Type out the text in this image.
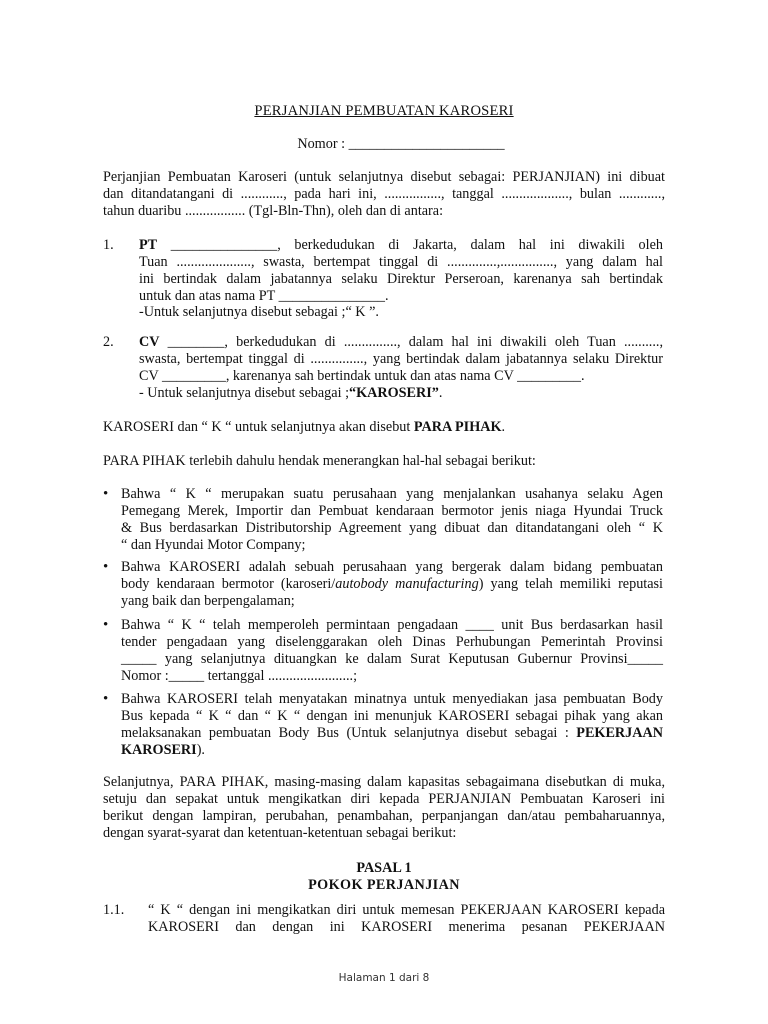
PERJANJIAN PEMBUATAN KAROSERI
Nomor : ______________________
Perjanjian Pembuatan Karoseri (untuk selanjutnya disebut sebagai: PERJANJIAN) ini dibuat
dan ditandatangani di ............, pada hari ini, ................, tanggal ..................., bulan ............,
tahun duaribu ................. (Tgl-Bln-Thn), oleh dan di antara:
1.	PT _______________, berkedudukan di Jakarta, dalam hal ini diwakili oleh
Tuan ....................., swasta, bertempat tinggal di ..............,..............., yang dalam hal
ini bertindak dalam jabatannya selaku Direktur Perseroan, karenanya sah bertindak
untuk dan atas nama PT _______________.
-Untuk selanjutnya disebut sebagai ;“ K ”.
2.	CV ________, berkedudukan di ..............., dalam hal ini diwakili oleh Tuan ..........,
swasta, bertempat tinggal di ..............., yang bertindak dalam jabatannya selaku Direktur
CV _________, karenanya sah bertindak untuk dan atas nama CV _________.
- Untuk selanjutnya disebut sebagai ;“KAROSERI”.
KAROSERI dan “ K “ untuk selanjutnya akan disebut PARA PIHAK.
PARA PIHAK terlebih dahulu hendak menerangkan hal-hal sebagai berikut:
• Bahwa “ K “ merupakan suatu perusahaan yang menjalankan usahanya selaku Agen
Pemegang Merek, Importir dan Pembuat kendaraan bermotor jenis niaga Hyundai Truck
& Bus berdasarkan Distributorship Agreement yang dibuat dan ditandatangani oleh “ K
“ dan Hyundai Motor Company;
• Bahwa KAROSERI adalah sebuah perusahaan yang bergerak dalam bidang pembuatan
body kendaraan bermotor (karoseri/autobody manufacturing) yang telah memiliki reputasi
yang baik dan berpengalaman;
• Bahwa “ K “ telah memperoleh permintaan pengadaan ____ unit Bus berdasarkan hasil
tender pengadaan yang diselenggarakan oleh Dinas Perhubungan Pemerintah Provinsi
_____ yang selanjutnya dituangkan ke dalam Surat Keputusan Gubernur Provinsi_____
Nomor :_____ tertanggal ........................;
• Bahwa KAROSERI telah menyatakan minatnya untuk menyediakan jasa pembuatan Body
Bus kepada “ K “ dan “ K “ dengan ini menunjuk KAROSERI sebagai pihak yang akan
melaksanakan pembuatan Body Bus (Untuk selanjutnya disebut sebagai : PEKERJAAN
KAROSERI).
Selanjutnya, PARA PIHAK, masing-masing dalam kapasitas sebagaimana disebutkan di muka,
setuju dan sepakat untuk mengikatkan diri kepada PERJANJIAN Pembuatan Karoseri ini
berikut dengan lampiran, perubahan, penambahan, perpanjangan dan/atau pembaharuannya,
dengan syarat-syarat dan ketentuan-ketentuan sebagai berikut:
PASAL 1
POKOK PERJANJIAN
1.1. “ K “ dengan ini mengikatkan diri untuk memesan PEKERJAAN KAROSERI kepada
KAROSERI dan dengan ini KAROSERI menerima pesanan PEKERJAAN
Halaman 1 dari 8
